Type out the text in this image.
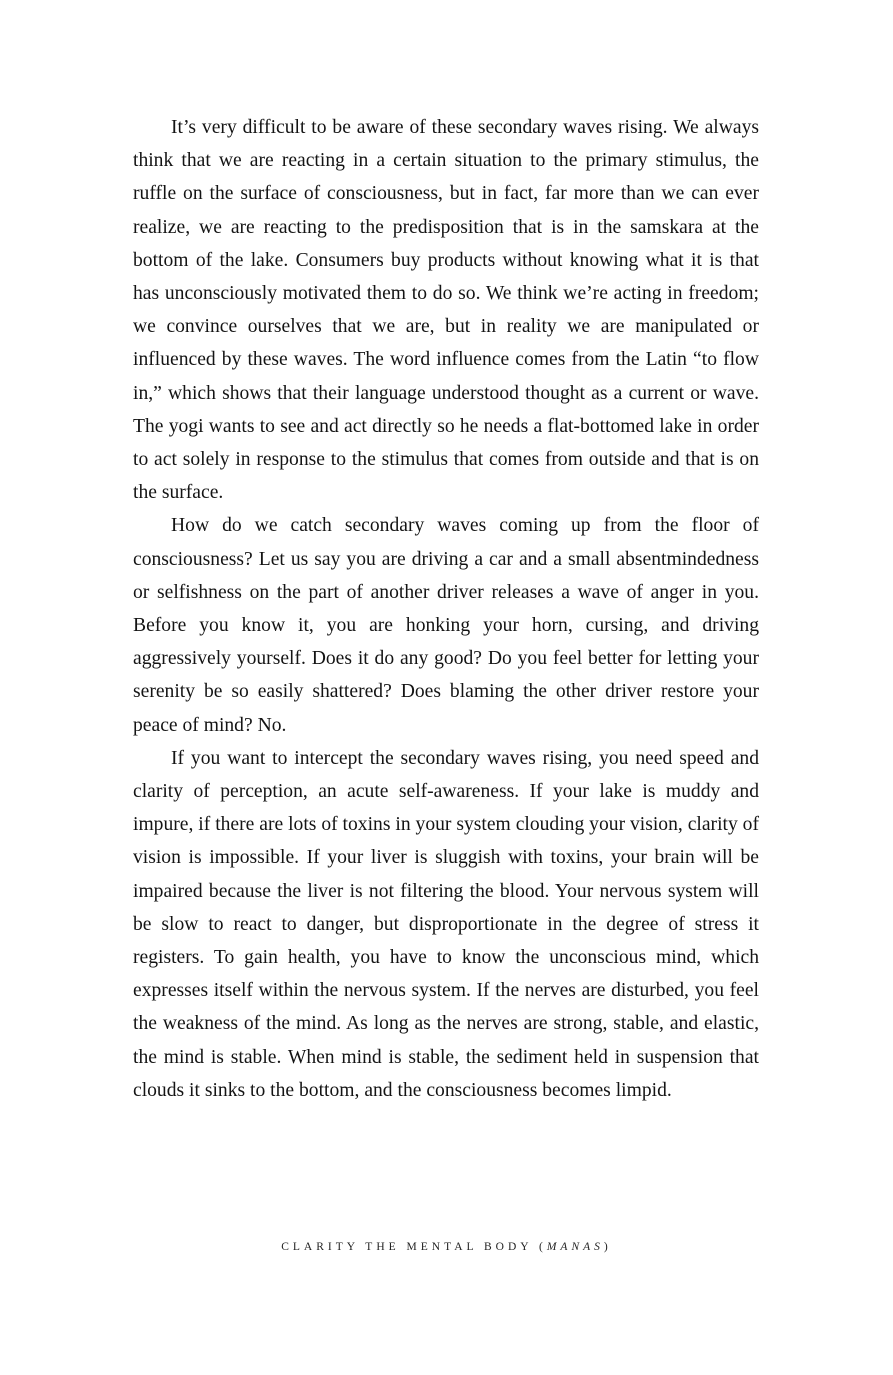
It’s very difficult to be aware of these secondary waves rising. We always think that we are reacting in a certain situation to the primary stimulus, the ruffle on the surface of consciousness, but in fact, far more than we can ever realize, we are reacting to the predisposition that is in the samskara at the bottom of the lake. Consumers buy products without knowing what it is that has unconsciously motivated them to do so. We think we’re acting in freedom; we convince ourselves that we are, but in reality we are manipulated or influenced by these waves. The word influence comes from the Latin “to flow in,” which shows that their language understood thought as a current or wave. The yogi wants to see and act directly so he needs a flat-bottomed lake in order to act solely in response to the stimulus that comes from outside and that is on the surface.

How do we catch secondary waves coming up from the floor of consciousness? Let us say you are driving a car and a small absentmindedness or selfishness on the part of another driver releases a wave of anger in you. Before you know it, you are honking your horn, cursing, and driving aggressively yourself. Does it do any good? Do you feel better for letting your serenity be so easily shattered? Does blaming the other driver restore your peace of mind? No.

If you want to intercept the secondary waves rising, you need speed and clarity of perception, an acute self-awareness. If your lake is muddy and impure, if there are lots of toxins in your system clouding your vision, clarity of vision is impossible. If your liver is sluggish with toxins, your brain will be impaired because the liver is not filtering the blood. Your nervous system will be slow to react to danger, but disproportionate in the degree of stress it registers. To gain health, you have to know the unconscious mind, which expresses itself within the nervous system. If the nerves are disturbed, you feel the weakness of the mind. As long as the nerves are strong, stable, and elastic, the mind is stable. When mind is stable, the sediment held in suspension that clouds it sinks to the bottom, and the consciousness becomes limpid.

CLARITY THE MENTAL BODY (MANAS)
